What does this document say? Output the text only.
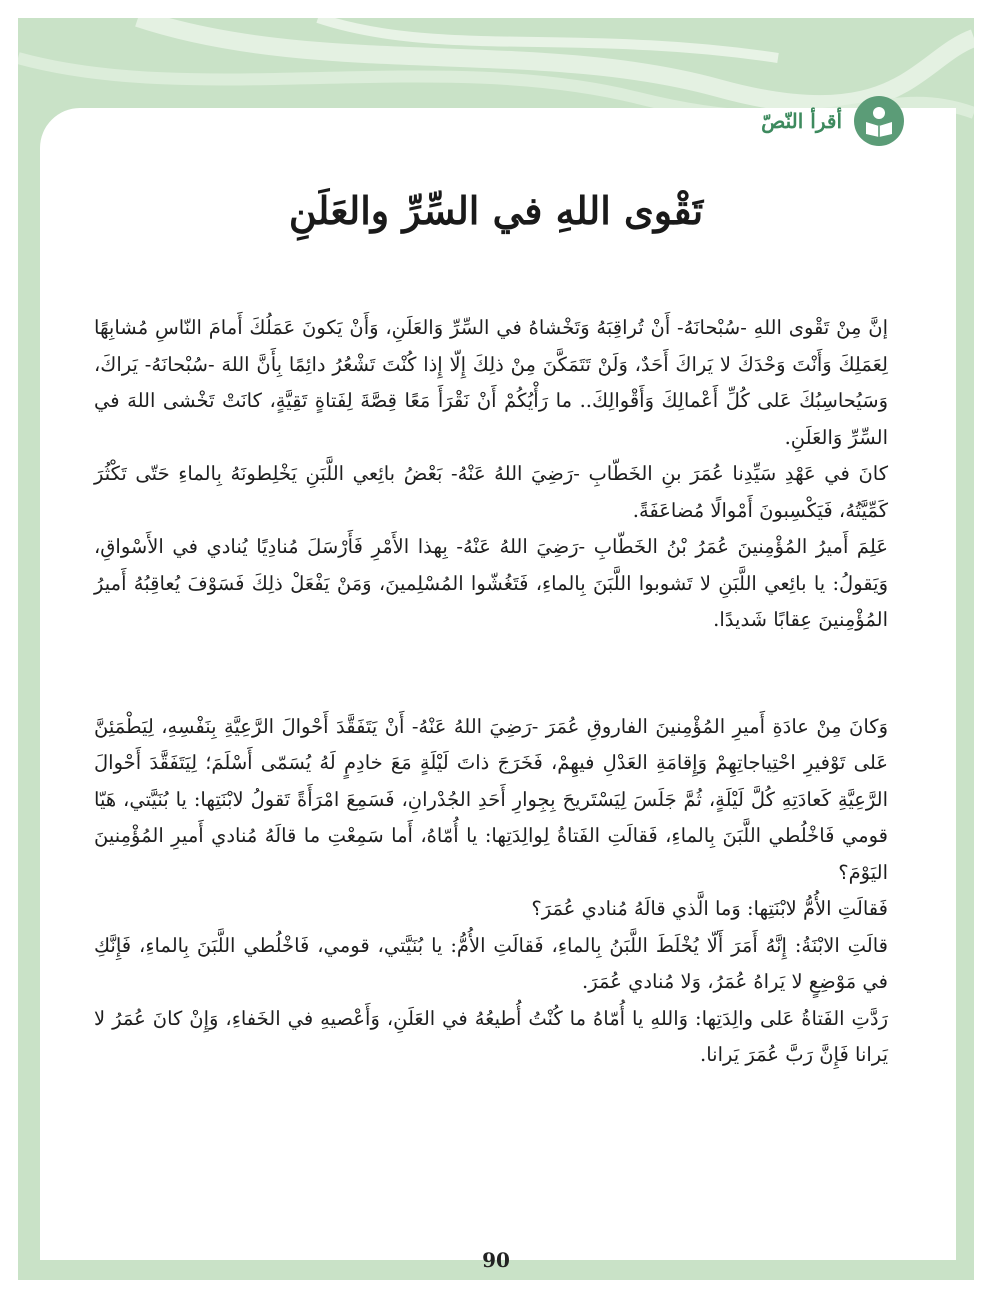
أقرأ النّصّ
تَقْوى اللهِ في السِّرِّ والعَلَنِ

إنَّ مِنْ تَقْوى اللهِ -سُبْحانَهُ- أَنْ تُراقِبَهُ وَتَخْشاهُ في السِّرِّ وَالعَلَنِ، وَأَنْ يَكونَ عَمَلُكَ أَمامَ النّاسِ مُشابِهًا لِعَمَلِكَ وَأَنْتَ وَحْدَكَ لا يَراكَ أَحَدٌ، وَلَنْ تَتَمَكَّنَ مِنْ ذلِكَ إِلّا إِذا كُنْتَ تَشْعُرُ دائِمًا بِأَنَّ اللهَ -سُبْحانَهُ- يَراكَ، وَسَيُحاسِبُكَ عَلى كُلِّ أَعْمالِكَ وَأَقْوالِكَ.. ما رَأْيُكُمْ أَنْ نَقْرَأَ مَعًا قِصَّةَ لِفَتاةٍ تَقِيَّةٍ، كانَتْ تَخْشى اللهَ في السِّرِّ وَالعَلَنِ.

كانَ في عَهْدِ سَيِّدِنا عُمَرَ بنِ الخَطّابِ -رَضِيَ اللهُ عَنْهُ- بَعْضُ بائِعي اللَّبَنِ يَخْلِطونَهُ بِالماءِ حَتّى تَكْثُرَ كَمِّيَّتُهُ، فَيَكْسِبونَ أَمْوالًا مُضاعَفَةً.

عَلِمَ أَميرُ المُؤْمِنينَ عُمَرُ بْنُ الخَطّابِ -رَضِيَ اللهُ عَنْهُ- بِهذا الأَمْرِ فَأَرْسَلَ مُنادِيًا يُنادي في الأَسْواقِ، وَيَقولُ: يا بائِعي اللَّبَنِ لا تَشوبوا اللَّبَنَ بِالماءِ، فَتَغُشّوا المُسْلِمينَ، وَمَنْ يَفْعَلْ ذلِكَ فَسَوْفَ يُعاقِبُهُ أَميرُ المُؤْمِنينَ عِقابًا شَديدًا.

وَكانَ مِنْ عادَةِ أَميرِ المُؤْمِنينَ الفاروقِ عُمَرَ -رَضِيَ اللهُ عَنْهُ- أَنْ يَتَفَقَّدَ أَحْوالَ الرَّعِيَّةِ بِنَفْسِهِ، لِيَطْمَئِنَّ عَلى تَوْفيرِ احْتِياجاتِهِمْ وَإِقامَةِ العَدْلِ فيهِمْ، فَخَرَجَ ذاتَ لَيْلَةٍ مَعَ خادِمٍ لَهُ يُسَمّى أَسْلَمَ؛ لِيَتَفَقَّدَ أَحْوالَ الرَّعِيَّةِ كَعادَتِهِ كُلَّ لَيْلَةٍ، ثُمَّ جَلَسَ لِيَسْتَريحَ بِجِوارِ أَحَدِ الجُدْرانِ، فَسَمِعَ امْرَأَةً تَقولُ لابْنَتِها: يا بُنَيَّتي، هَيّا قومي فَاخْلُطي اللَّبَنَ بِالماءِ، فَقالَتِ الفَتاةُ لِوالِدَتِها: يا أُمّاهُ، أَما سَمِعْتِ ما قالَهُ مُنادي أَميرِ المُؤْمِنينَ اليَوْمَ؟

فَقالَتِ الأُمُّ لابْنَتِها: وَما الَّذي قالَهُ مُنادي عُمَرَ؟

قالَتِ الابْنَةُ: إِنَّهُ أَمَرَ أَلّا يُخْلَطَ اللَّبَنُ بِالماءِ، فَقالَتِ الأُمُّ: يا بُنَيَّتي، قومي، فَاخْلُطي اللَّبَنَ بِالماءِ، فَإِنَّكِ في مَوْضِعٍ لا يَراهُ عُمَرُ، وَلا مُنادي عُمَرَ.

رَدَّتِ الفَتاةُ عَلى والِدَتِها: وَاللهِ يا أُمّاهُ ما كُنْتُ أُطيعُهُ في العَلَنِ، وَأَعْصيهِ في الخَفاءِ، وَإِنْ كانَ عُمَرُ لا يَرانا فَإِنَّ رَبَّ عُمَرَ يَرانا.

90
